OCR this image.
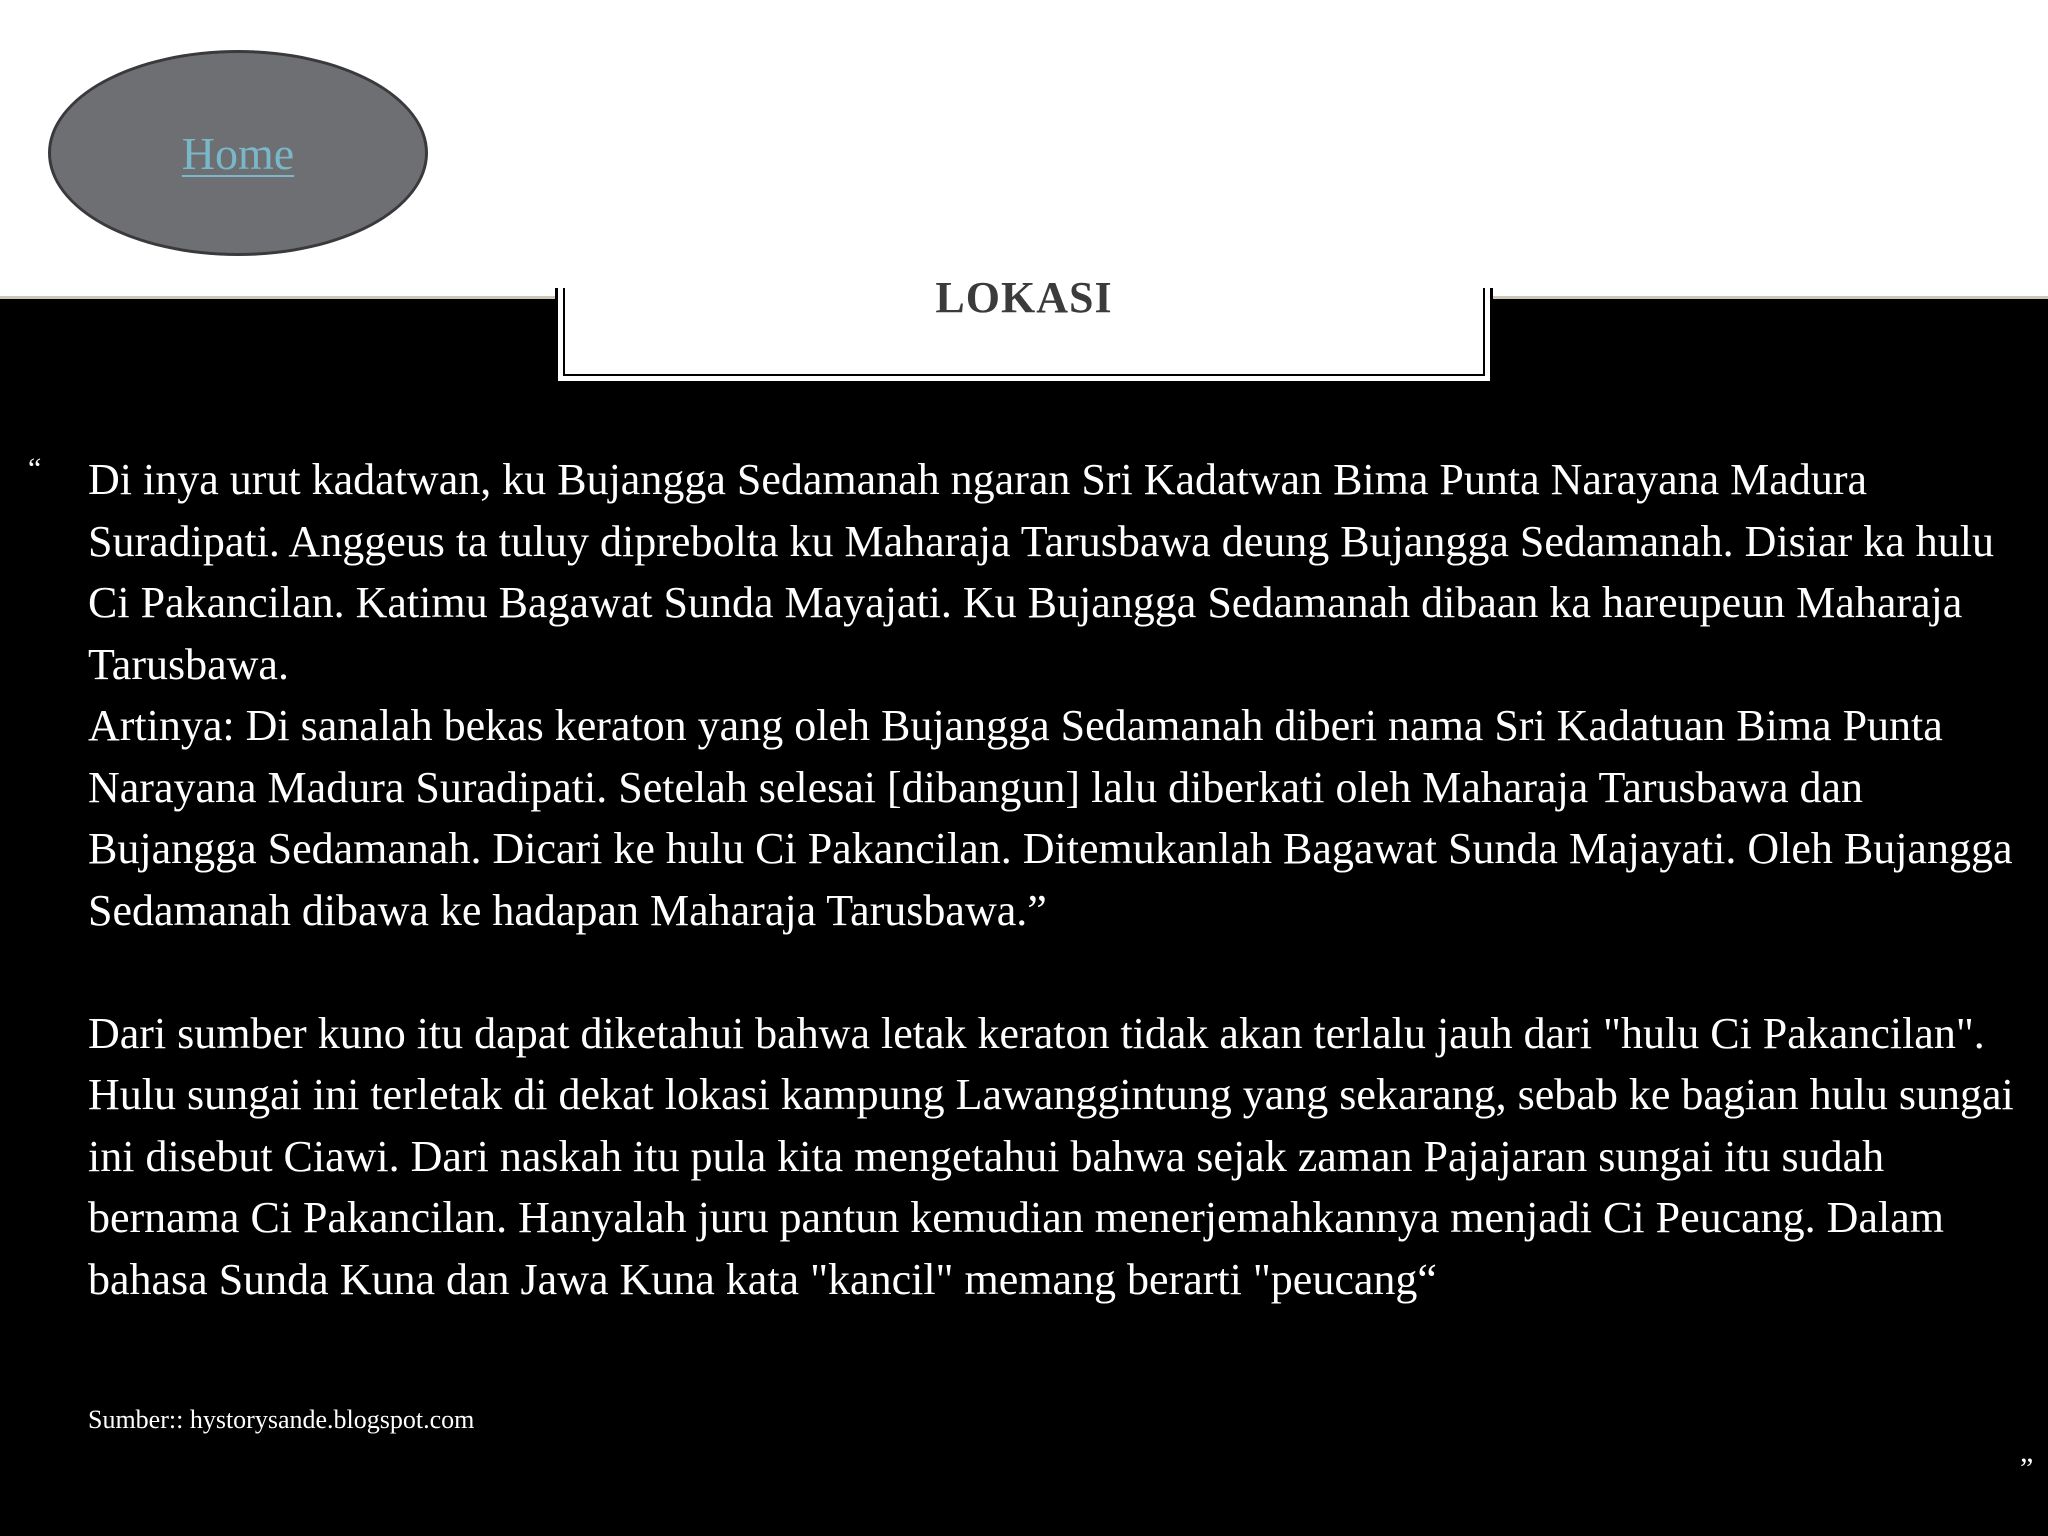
Home
LOKASI
“ Di inya urut kadatwan, ku Bujangga Sedamanah ngaran Sri Kadatwan Bima Punta Narayana Madura Suradipati. Anggeus ta tuluy diprebolta ku Maharaja Tarusbawa deung Bujangga Sedamanah. Disiar ka hulu Ci Pakancilan. Katimu Bagawat Sunda Mayajati. Ku Bujangga Sedamanah dibaan ka hareupeun Maharaja Tarusbawa.

Artinya: Di sanalah bekas keraton yang oleh Bujangga Sedamanah diberi nama Sri Kadatuan Bima Punta Narayana Madura Suradipati. Setelah selesai [dibangun] lalu diberkati oleh Maharaja Tarusbawa dan Bujangga Sedamanah. Dicari ke hulu Ci Pakancilan. Ditemukanlah Bagawat Sunda Majayati. Oleh Bujangga Sedamanah dibawa ke hadapan Maharaja Tarusbawa.”

Dari sumber kuno itu dapat diketahui bahwa letak keraton tidak akan terlalu jauh dari "hulu Ci Pakancilan". Hulu sungai ini terletak di dekat lokasi kampung Lawanggintung yang sekarang, sebab ke bagian hulu sungai ini disebut Ciawi. Dari naskah itu pula kita mengetahui bahwa sejak zaman Pajajaran sungai itu sudah bernama Ci Pakancilan. Hanyalah juru pantun kemudian menerjemahkannya menjadi Ci Peucang. Dalam bahasa Sunda Kuna dan Jawa Kuna kata "kancil" memang berarti "peucang“

Sumber:: hystorysande.blogspot.com
”
